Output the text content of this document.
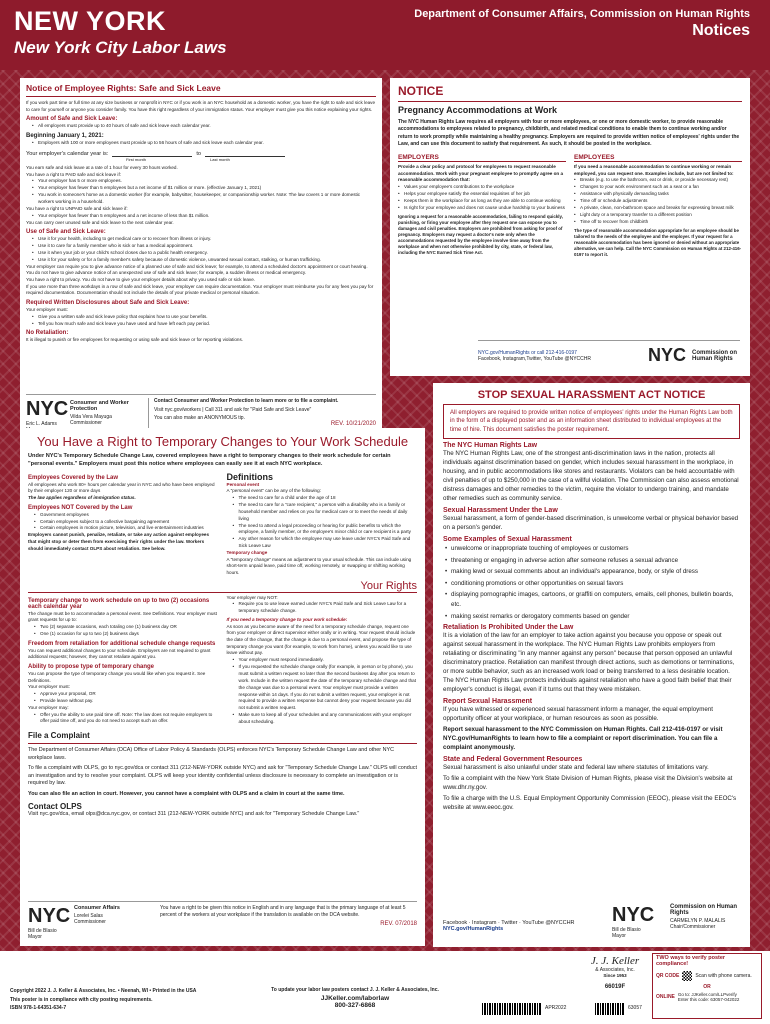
NEW YORK
New York City Labor Laws
Department of Consumer Affairs, Commission on Human Rights
Notices
Notice of Employee Rights: Safe and Sick Leave
If you work part time or full time at any size business or nonprofit in NYC or if you work in an NYC household as a domestic worker, you have the right to safe and sick leave to care for yourself or anyone you consider family. You have this right regardless of your immigration status. Your employer must give you this notice explaining your rights.
Amount of Safe and Sick Leave:
• All employers must provide up to 40 hours of safe and sick leave each calendar year.
Beginning January 1, 2021:
• Employers with 100 or more employees must provide up to 56 hours of safe and sick leave each calendar year.
Your employer's calendar year is:	to
First month	Last month
You earn safe and sick leave at a rate of 1 hour for every 30 hours worked.
You have a right to PAID safe and sick leave if:
• Your employer has 5 or more employees.
• Your employer has fewer than 5 employees but a net income of $1 million or more. (effective January 1, 2021)
• You work in someone's home as a domestic worker (for example, babysitter, housekeeper, or companionship worker. Note: The law covers 1 or more domestic workers working in a household.
You have a right to UNPAID safe and sick leave if:
• Your employer has fewer than 5 employees and a net income of less than $1 million.
You can carry over unused safe and sick leave to the next calendar year.
Use of Safe and Sick Leave:
• Use it for your health, including to get medical care or to recover from illness or injury.
• Use it to care for a family member who is sick or has a medical appointment.
• Use it when your job or your child's school closes due to a public health emergency.
• Use it for your safety or for a family member's safety because of domestic violence, unwanted sexual contact, stalking, or human trafficking.
Your employer can require you to give advance notice of a planned use of safe and sick leave; for example, to attend a scheduled doctor's appointment or court hearing. You do not have to give advance notice of an unexpected use of safe and sick leave; for example, a sudden illness or medical emergency.
You have a right to privacy. You do not have to give your employer details about why you used safe or sick leave.
If you use more than three workdays in a row of safe and sick leave, your employer can require documentation. Your employer must reimburse you for any fees you pay for required documentation. Documentation should not include the details of your private medical or personal situation.
Required Written Disclosures about Safe and Sick Leave:
Your employer must:
• Give you a written safe and sick leave policy that explains how to use your benefits.
• Tell you how much safe and sick leave you have used and have left each pay period.
No Retaliation:
It is illegal to punish or fire employees for requesting or using safe and sick leave or for reporting violations.
NYC
Eric L. Adams
Consumer and Worker Protection
Vilda Vera Mayuga
Commissioner
Contact Consumer and Worker Protection to learn more or to file a complaint.
Visit nyc.gov/workers | Call 311 and ask for "Paid Safe and Sick Leave"
You can also make an ANONYMOUS tip.
REV. 10/21/2020
NOTICE
Pregnancy Accommodations at Work
The NYC Human Rights Law requires all employers with four or more employees, or one or more domestic worker, to provide reasonable accommodations to employees related to pregnancy, childbirth, and related medical conditions to enable them to continue working and/or return to work promptly while maintaining a healthy pregnancy. Employers are required to provide written notice of employees' rights under the Law, and can use this document to satisfy that requirement. As such, it should be posted in the workplace.
EMPLOYERS
Provide a clear policy and protocol for employees to request reasonable accommodation. Work with your pregnant employee to promptly agree on a reasonable accommodation that:
• Values your employee's contributions to the workplace
• Helps your employee satisfy the essential requisites of her job
• Keeps them in the workplace for as long as they are able to continue working
• Is right for your employee and does not cause undue hardship to your business
Ignoring a request for a reasonable accommodation, failing to respond quickly, punishing, or firing your employee after they request one can expose you to damages and civil penalties. Employers are prohibited from asking for proof of pregnancy. Employers may request a doctor's note only when the accommodations requested by the employee involve time away from the workplace and when not otherwise prohibited by city, state, or federal law, including the NYC Earned Sick Time Act.
EMPLOYEES
If you need a reasonable accommodation to continue working or remain employed, you can request one. Examples include, but are not limited to:
• Breaks (e.g. to use the bathroom, eat or drink, or provide necessary rest)
• Changes to your work environment such as a seat or a fan
• Assistance with physically demanding tasks
• Time off or schedule adjustments
• A private, clean, non-bathroom space and breaks for expressing breast milk
• Light duty or a temporary transfer to a different position
• Time off to recover from childbirth
The type of reasonable accommodation appropriate for an employee should be tailored to the needs of the employee and the employer. If your request for a reasonable accommodation has been ignored or denied without an appropriate alternative, we can help. Call the NYC Commission on Human Rights at 212-416-0197 to report it.
NYC.gov/HumanRights or call 212-416-0197
Facebook, Instagram,Twitter, YouTube @NYCCHR	NYC Commission on Human Rights
You Have a Right to Temporary Changes to Your Work Schedule
Under NYC's Temporary Schedule Change Law, covered employees have a right to temporary changes to their work schedule for certain "personal events." Employers must post this notice where employees can easily see it at each NYC workplace.
Employees Covered by the Law
All employees who work 80+ hours per calendar year in NYC and who have been employed by their employer 120 or more days
The law applies regardless of immigration status.
Employees NOT Covered by the Law
• Government employees
• Certain employees subject to a collective bargaining agreement
• Certain employees in motion picture, television, and live entertainment industries
Employers cannot punish, penalize, retaliate, or take any action against employees that might stop or deter them from exercising their rights under the law. Workers should immediately contact OLPS about retaliation. See below.
Definitions
Personal event
A "personal event" can be any of the following:
• The need to care for a child under the age of 18
• The need to care for a "care recipient," a person with a disability who is a family or household member and relies on you for medical care or to meet the needs of daily living
• The need to attend a legal proceeding or hearing for public benefits to which the employee, a family member, or the employee's minor child or care recipient is a party
• Any other reason for which the employee may use leave under NYC's Paid Safe and Sick Leave Law
Temporary change
A "temporary change" means an adjustment to your usual schedule. This can include using short-term unpaid leave, paid time off, working remotely, or swapping or shifting working hours.
Your Rights
Temporary change to work schedule on up to two (2) occasions each calendar year
The change must be to accommodate a personal event. See Definitions. Your employer must grant requests for up to:
• Two (2) separate occasions, each totaling one (1) business day OR
• One (1) occasion for up to two (2) business days
Freedom from retaliation for additional schedule change requests
You can request additional changes to your schedule. Employers are not required to grant additional requests; however, they cannot retaliate against you.
Ability to propose type of temporary change
You can propose the type of temporary change you would like when you request it. See Definitions.
Your employer must:
• Approve your proposal, OR
• Provide leave without pay.
Your employer may:
• Offer you the ability to use paid time off. Note: The law does not require employers to offer paid time off, and you do not need to accept such an offer.
Your employer may NOT:
• Require you to use leave earned under NYC's Paid Safe and Sick Leave Law for a temporary schedule change.
If you need a temporary change to your work schedule:
As soon as you become aware of the need for a temporary schedule change, request one from your employer or direct supervisor either orally or in writing. Your request should include the date of the change, that the change is due to a personal event, and propose the type of temporary change you want (for example, to work from home), unless you would like to use leave without pay.
• Your employer must respond immediately.
• If you requested the schedule change orally (for example, in person or by phone), you must submit a written request no later than the second business day after you return to work. Include in the written request the date of the temporary schedule change and that the change was due to a personal event. Your employer must provide a written response within 14 days. If you do not submit a written request, your employer is not required to provide a written response but cannot deny your request because you did not submit a written request.
• Make sure to keep all of your schedules and any communications with your employer about scheduling.
File a Complaint
The Department of Consumer Affairs (DCA) Office of Labor Policy & Standards (OLPS) enforces NYC's Temporary Schedule Change Law and other NYC workplace laws.
To file a complaint with OLPS, go to nyc.gov/dca or contact 311 (212-NEW-YORK outside NYC) and ask for "Temporary Schedule Change Law." OLPS will conduct an investigation and try to resolve your complaint. OLPS will keep your identity confidential unless disclosure is necessary to complete an investigation or is required by law.
You can also file an action in court. However, you cannot have a complaint with OLPS and a claim in court at the same time.
Contact OLPS
Visit nyc.gov/dca, email olps@dca.nyc.gov, or contact 311 (212-NEW-YORK outside NYC) and ask for "Temporary Schedule Change Law."
NYC
Bill de Blasio
Mayor
Consumer Affairs
Lorelei Salas
Commissioner
You have a right to be given this notice in English and in any language that is the primary language of at least 5 percent of the workers at your workplace if the translation is available on the DCA website.
REV. 07/2018
STOP SEXUAL HARASSMENT ACT NOTICE
All employers are required to provide written notice of employees' rights under the Human Rights Law both in the form of a displayed poster and as an information sheet distributed to individual employees at the time of hire. This document satisfies the poster requirement.
The NYC Human Rights Law
The NYC Human Rights Law, one of the strongest anti-discrimination laws in the nation, protects all individuals against discrimination based on gender, which includes sexual harassment in the workplace, in housing, and in public accommodations like stores and restaurants. Violators can be held accountable with civil penalties of up to $250,000 in the case of a willful violation. The Commission can also assess emotional distress damages and other remedies to the victim, require the violator to undergo training, and mandate other remedies such as community service.
Sexual Harassment Under the Law
Sexual harassment, a form of gender-based discrimination, is unwelcome verbal or physical behavior based on a person's gender.
Some Examples of Sexual Harassment
• unwelcome or inappropriate touching of employees or customers
• threatening or engaging in adverse action after someone refuses a sexual advance
• making lewd or sexual comments about an individual's appearance, body, or style of dress
• conditioning promotions or other opportunities on sexual favors
• displaying pornographic images, cartoons, or graffiti on computers, emails, cell phones, bulletin boards, etc.
• making sexist remarks or derogatory comments based on gender
Retaliation Is Prohibited Under the Law
It is a violation of the law for an employer to take action against you because you oppose or speak out against sexual harassment in the workplace. The NYC Human Rights Law prohibits employers from retaliating or discriminating "in any manner against any person" because that person opposed an unlawful discriminatory practice. Retaliation can manifest through direct actions, such as demotions or terminations, or more subtle behavior, such as an increased work load or being transferred to a less desirable location. The NYC Human Rights Law protects individuals against retaliation who have a good faith belief that their employer's conduct is illegal, even if it turns out that they were mistaken.
Report Sexual Harassment
If you have witnessed or experienced sexual harassment inform a manager, the equal employment opportunity officer at your workplace, or human resources as soon as possible.
Report sexual harassment to the NYC Commission on Human Rights. Call 212-416-0197 or visit NYC.gov/HumanRights to learn how to file a complaint or report discrimination. You can file a complaint anonymously.
State and Federal Government Resources
Sexual harassment is also unlawful under state and federal law where statutes of limitations vary.
To file a complaint with the New York State Division of Human Rights, please visit the Division's website at www.dhr.ny.gov.
To file a charge with the U.S. Equal Employment Opportunity Commission (EEOC), please visit the EEOC's website at www.eeoc.gov.
Facebook · Instagram · Twitter · YouTube @NYCCHR
NYC.gov/HumanRights
NYC
Bill de Blasio
Mayor
Commission on Human Rights
CARMELYN P. MALALIS
Chair/Commissioner
Copyright 2022 J. J. Keller & Associates, Inc. • Neenah, WI • Printed in the USA
This poster is in compliance with city posting requirements.
ISBN 978-1-64351-634-7
To update your labor law posters contact J. J. Keller & Associates, Inc.
JJKeller.com/laborlaw
800-327-6868	APR2022
J. J. Keller
& Associates, Inc.
Since 1953
66019F
63057
TWO ways to verify poster compliance!
QR CODE	Scan with phone camera.
OR
ONLINE Go to: JJKeller.com/LLPverify
Enter this code: 63057-042022
